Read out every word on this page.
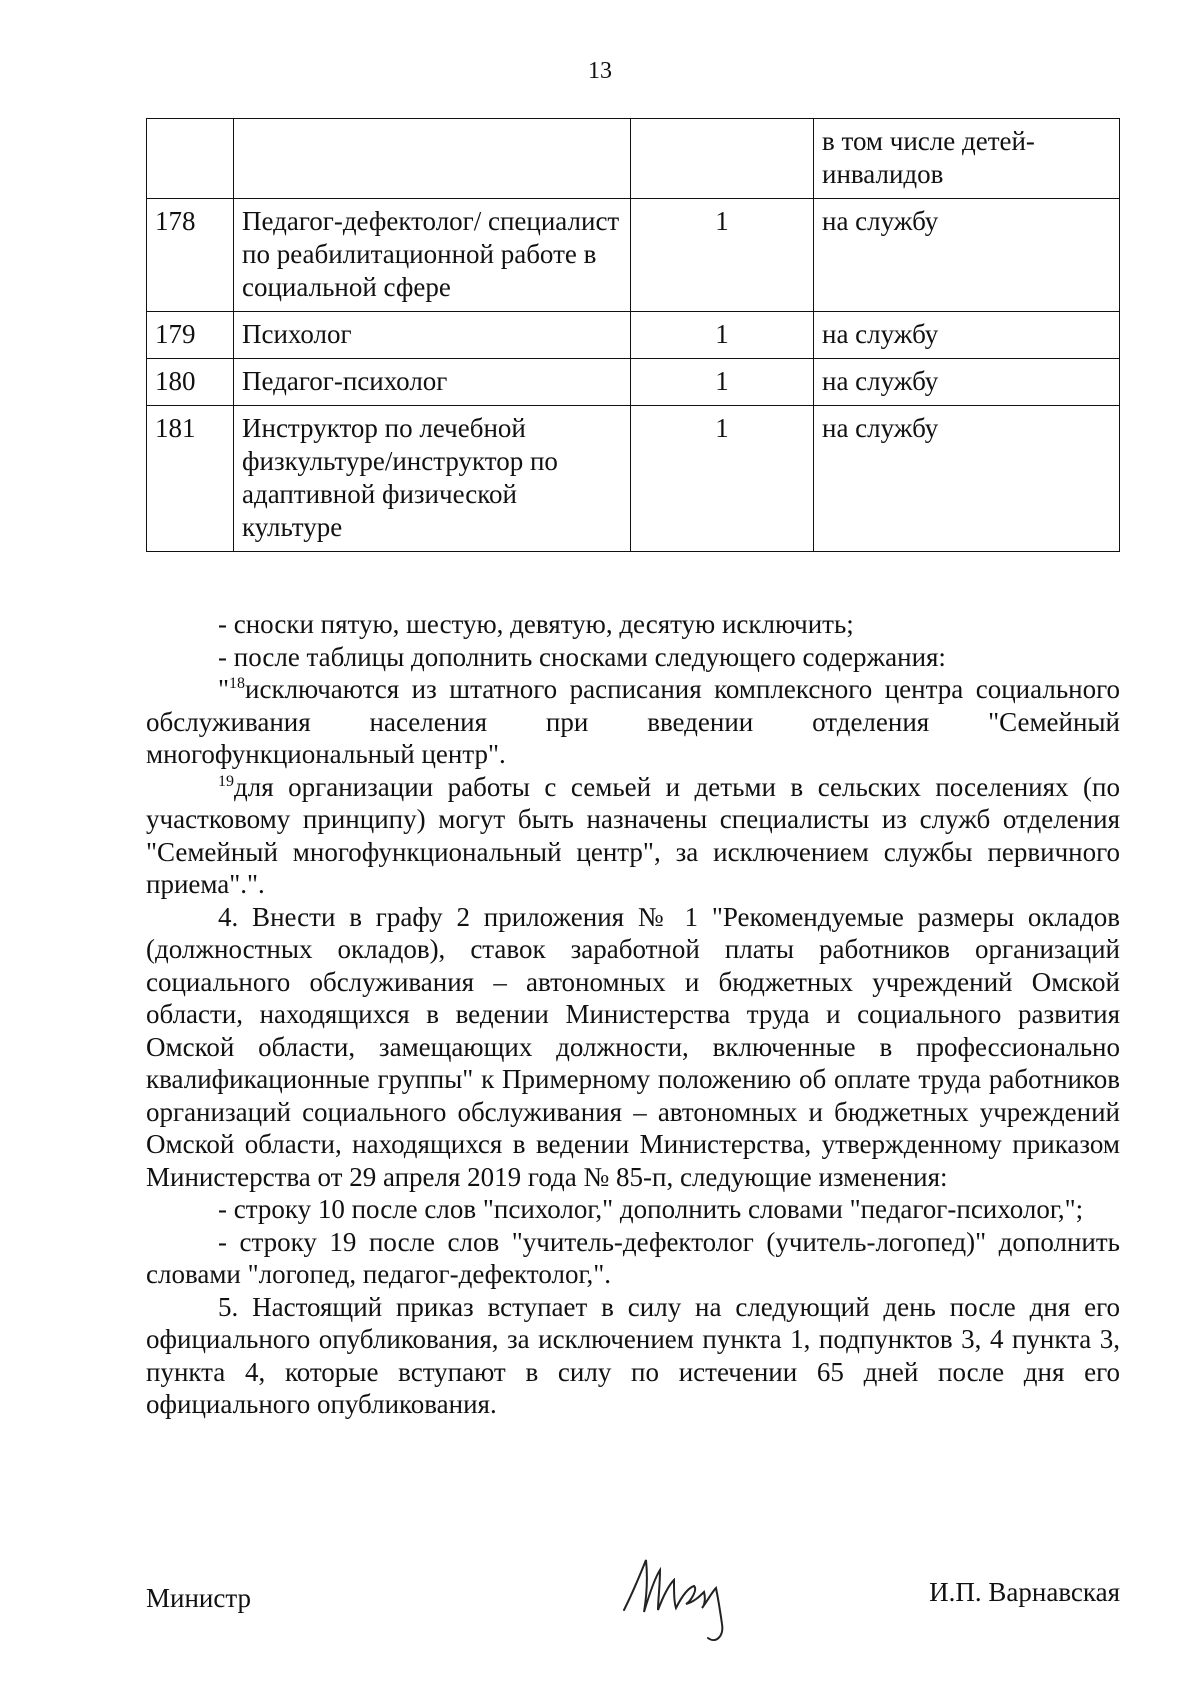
13
			в том числе детей-инвалидов
178	Педагог-дефектолог/ специалист по реабилитационной работе в социальной сфере	1	на службу
179	Психолог	1	на службу
180	Педагог-психолог	1	на службу
181	Инструктор по лечебной физкультуре/инструктор по адаптивной физической культуре	1	на службу

- сноски пятую, шестую, девятую, десятую исключить;

- после таблицы дополнить сносками следующего содержания:

"$^{18}$исключаются из штатного расписания комплексного центра социального обслуживания населения при введении отделения "Семейный многофункциональный центр".

$^{19}$для организации работы с семьей и детьми в сельских поселениях (по участковому принципу) могут быть назначены специалисты из служб отделения "Семейный многофункциональный центр", за исключением службы первичного приема".".

4. Внести в графу 2 приложения № 1 "Рекомендуемые размеры окладов (должностных окладов), ставок заработной платы работников организаций социального обслуживания – автономных и бюджетных учреждений Омской области, находящихся в ведении Министерства труда и социального развития Омской области, замещающих должности, включенные в профессионально квалификационные группы" к Примерному положению об оплате труда работников организаций социального обслуживания – автономных и бюджетных учреждений Омской области, находящихся в ведении Министерства, утвержденному приказом Министерства от 29 апреля 2019 года № 85-п, следующие изменения:

- строку 10 после слов "психолог," дополнить словами "педагог-психолог,";

- строку 19 после слов "учитель-дефектолог (учитель-логопед)" дополнить словами "логопед, педагог-дефектолог,".

5. Настоящий приказ вступает в силу на следующий день после дня его официального опубликования, за исключением пункта 1, подпунктов 3, 4 пункта 3, пункта 4, которые вступают в силу по истечении 65 дней после дня его официального опубликования.

Министр	И.П. Варнавская
